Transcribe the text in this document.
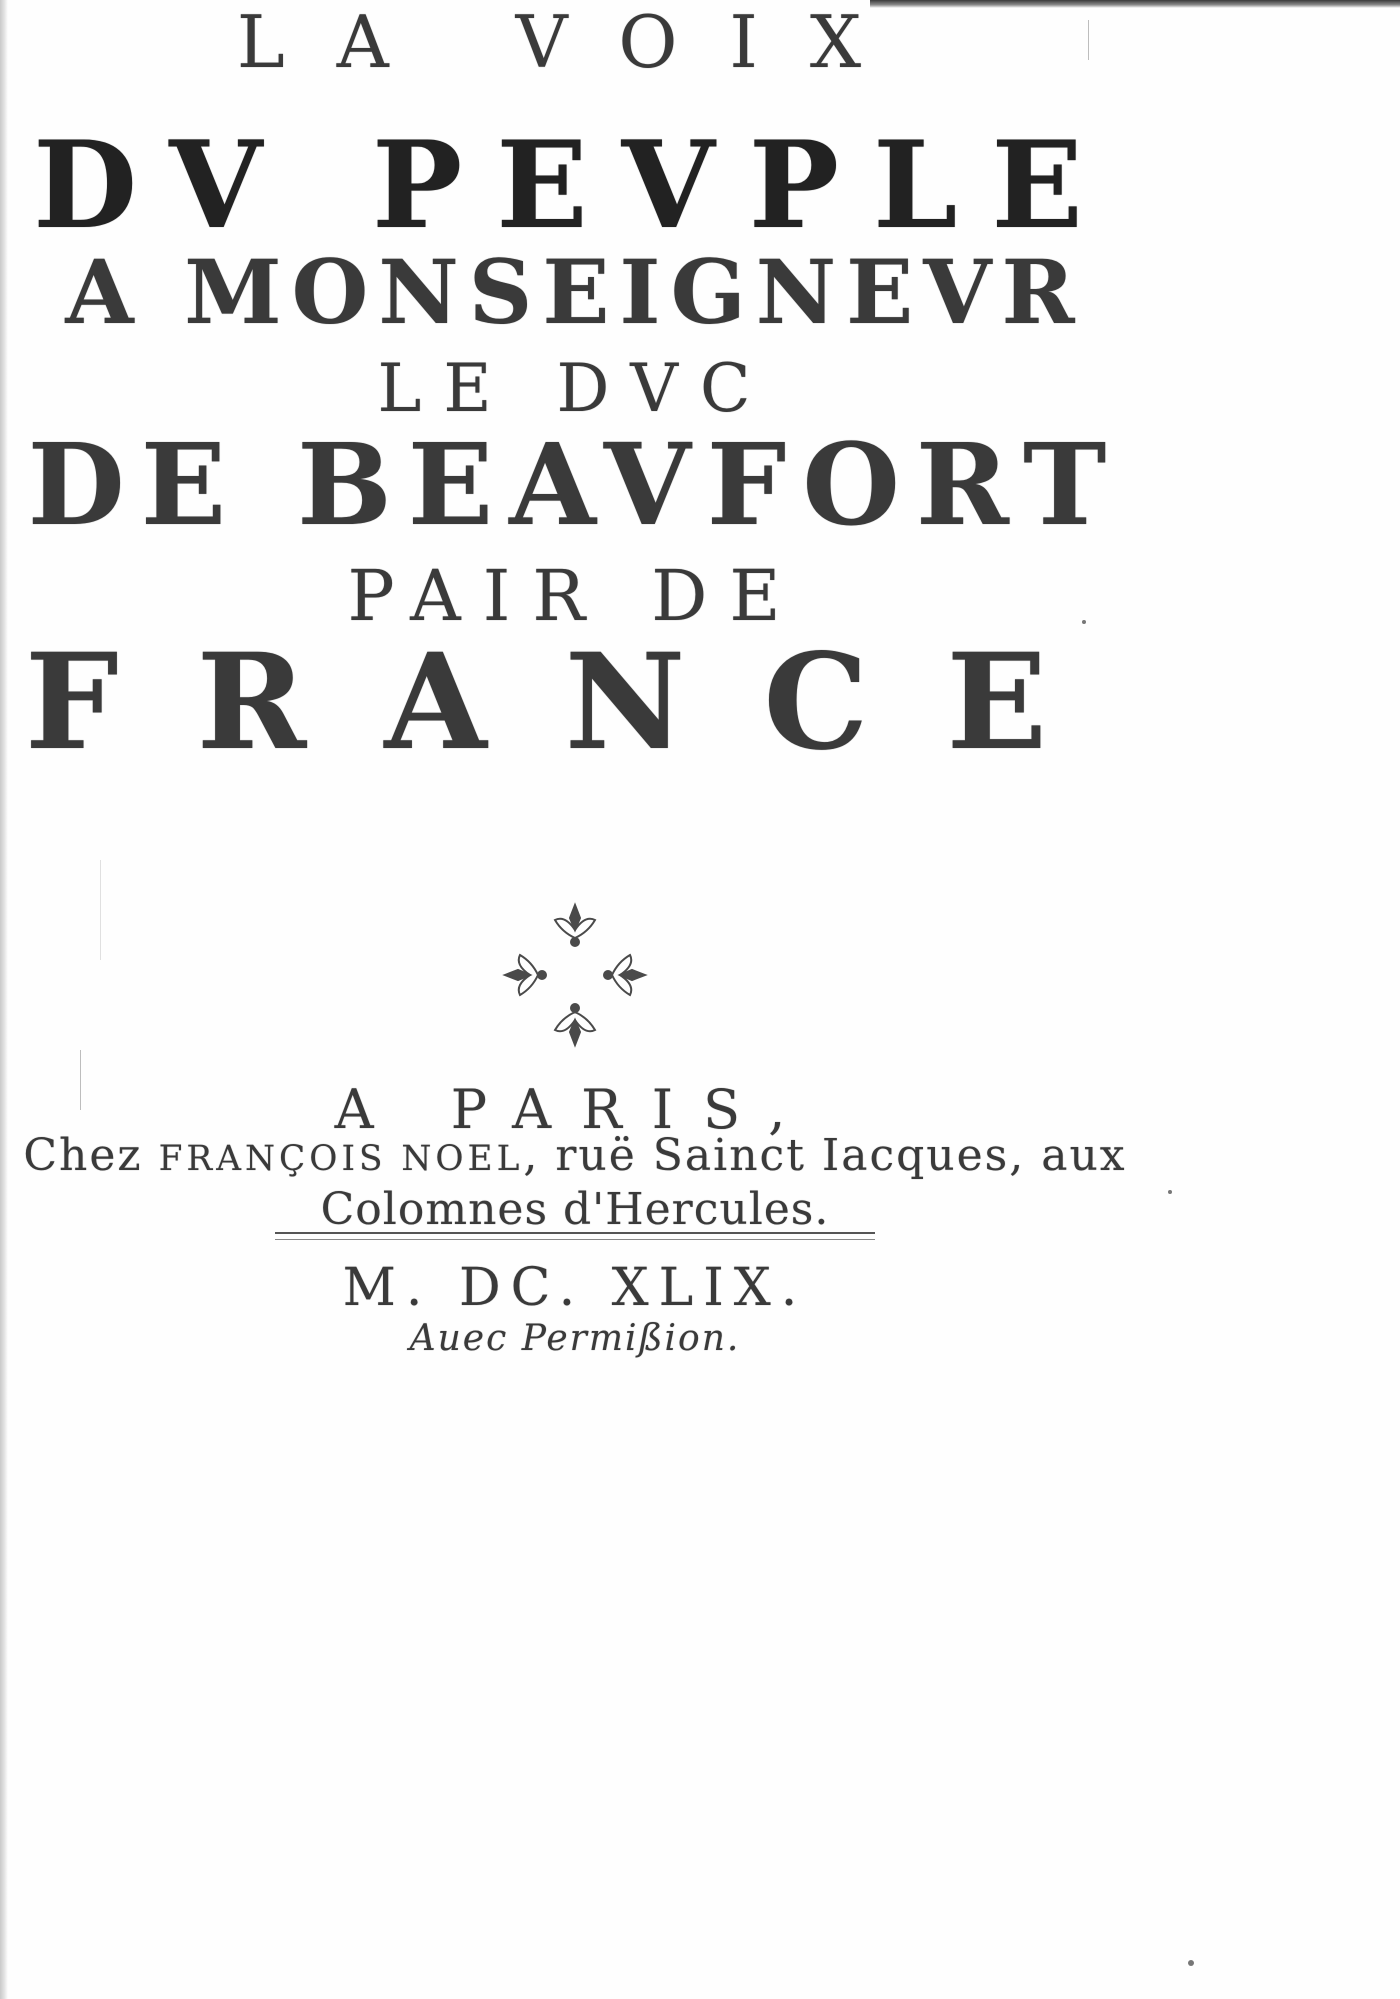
LA VOIX
DV PEVPLE
A MONSEIGNEVR
LE DVC
DE BEAVFORT
PAIR DE
FRANCE
A PARIS,
Chez FRANÇOIS NOEL, ruë Sainct Iacques, aux
Colomnes d'Hercules.
M. DC. XLIX.
Auec Permißion.
